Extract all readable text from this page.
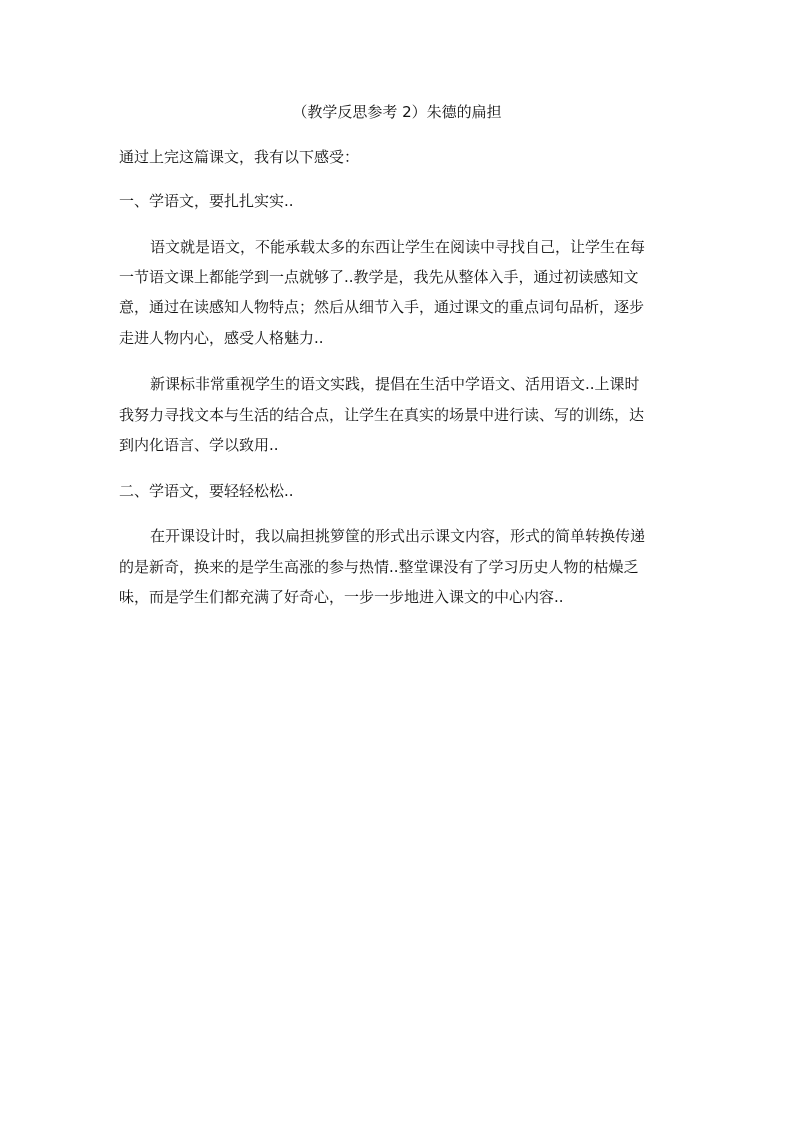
（教学反思参考 2）朱德的扁担
通过上完这篇课文，我有以下感受：
一、学语文，要扎扎实实..
语文就是语文，不能承载太多的东西让学生在阅读中寻找自己，让学生在每
一节语文课上都能学到一点就够了..教学是，我先从整体入手，通过初读感知文
意，通过在读感知人物特点；然后从细节入手，通过课文的重点词句品析，逐步
走进人物内心，感受人格魅力..
新课标非常重视学生的语文实践，提倡在生活中学语文、活用语文..上课时
我努力寻找文本与生活的结合点，让学生在真实的场景中进行读、写的训练，达
到内化语言、学以致用..
二、学语文，要轻轻松松..
在开课设计时，我以扁担挑箩筐的形式出示课文内容，形式的简单转换传递
的是新奇，换来的是学生高涨的参与热情..整堂课没有了学习历史人物的枯燥乏
味，而是学生们都充满了好奇心，一步一步地进入课文的中心内容..
